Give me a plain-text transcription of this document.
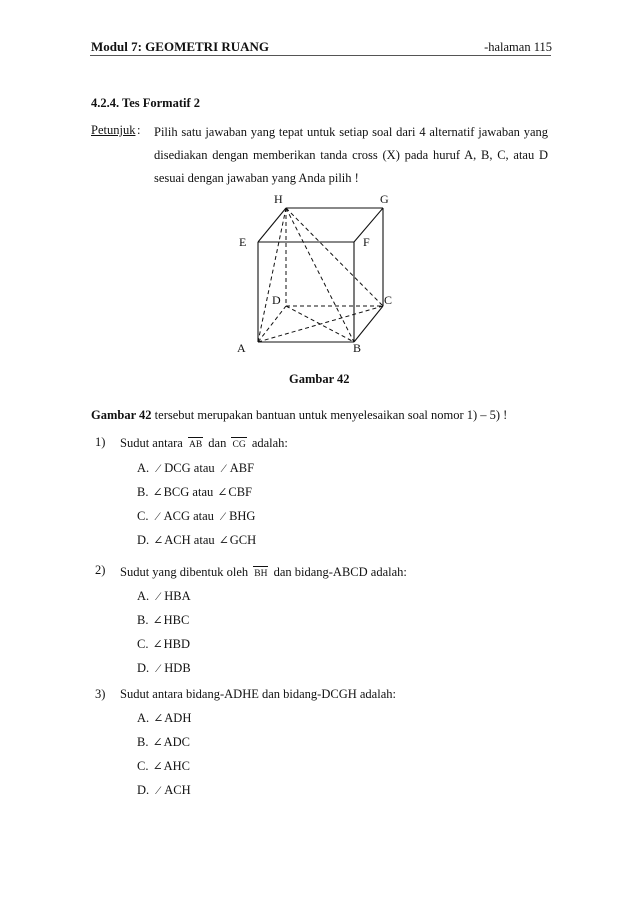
Modul 7: GEOMETRI RUANG	-halaman 115
4.2.4. Tes Formatif 2
Petunjuk : Pilih satu jawaban yang tepat untuk setiap soal dari 4 alternatif jawaban yang disediakan dengan memberikan tanda cross (X) pada huruf A, B, C, atau D sesuai dengan jawaban yang Anda pilih !
H	G
E	F
D	C
A	B
Gambar 42
Gambar 42 tersebut merupakan bantuan untuk menyelesaikan soal nomor 1) – 5) !
1) Sudut antara AB dan CG adalah:
A. ⁄ DCG atau ⁄ ABF
B. ∠BCG atau ∠CBF
C. ⁄ ACG atau ⁄ BHG
D. ∠ACH atau ∠GCH
2) Sudut yang dibentuk oleh BH dan bidang-ABCD adalah:
A. ⁄ HBA
B. ∠HBC
C. ∠HBD
D. ⁄ HDB
3) Sudut antara bidang-ADHE dan bidang-DCGH adalah:
A. ∠ADH
B. ∠ADC
C. ∠AHC
D. ⁄ ACH
